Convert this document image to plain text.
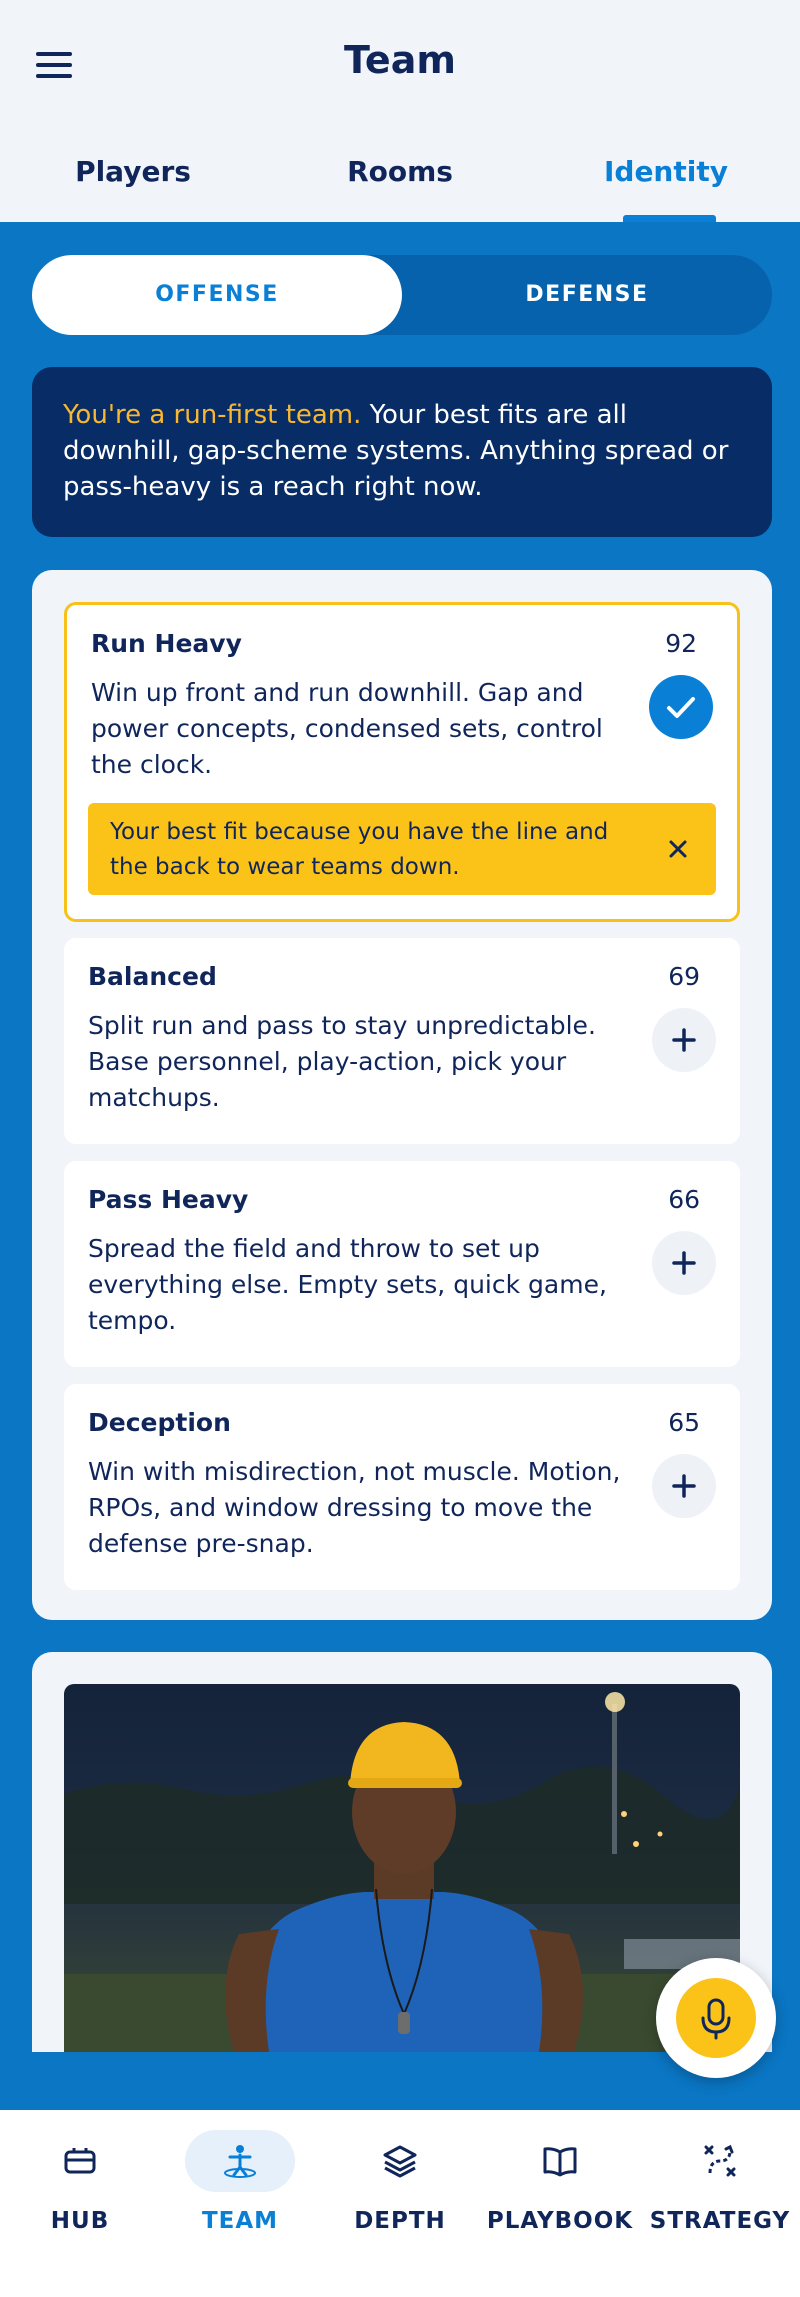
Team
Players	Rooms	Identity
OFFENSE	DEFENSE
You're a run-first team. Your best fits are all downhill, gap-scheme systems. Anything spread or pass-heavy is a reach right now.
Run Heavy	92
Win up front and run downhill. Gap and power concepts, condensed sets, control the clock.
Your best fit because you have the line and the back to wear teams down.
Balanced	69
Split run and pass to stay unpredictable. Base personnel, play-action, pick your matchups.
Pass Heavy	66
Spread the field and throw to set up everything else. Empty sets, quick game, tempo.
Deception	65
Win with misdirection, not muscle. Motion, RPOs, and window dressing to move the defense pre-snap.
HUB	TEAM	DEPTH	PLAYBOOK STRATEGY
